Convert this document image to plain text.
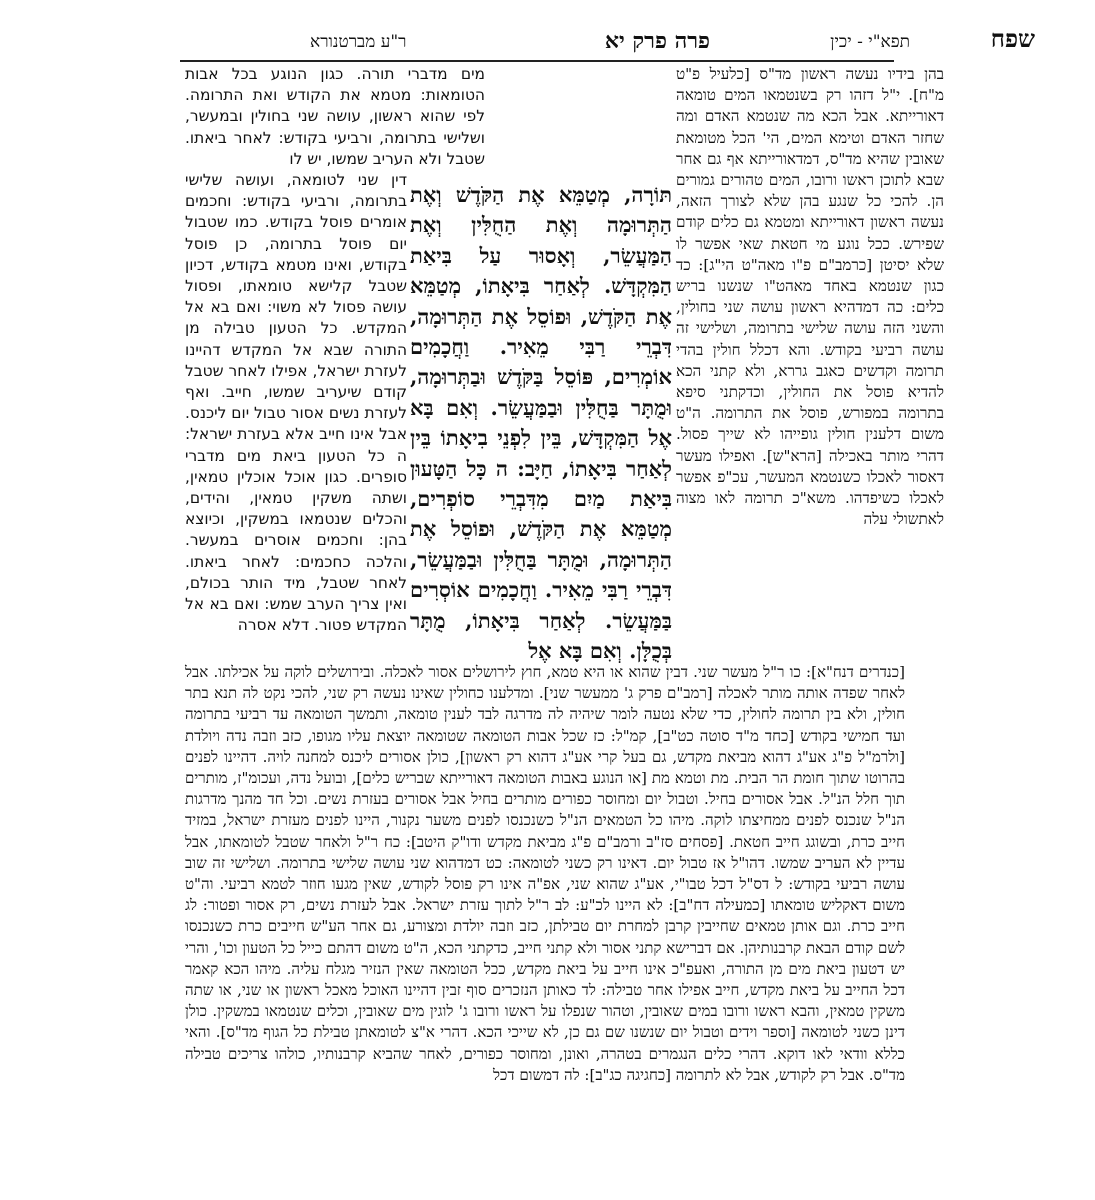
שפח
תפא"י - יכין
פרה פרק יא
ר"ע מברטנורא

בהן בידיו נעשה ראשון מד"ס [כלעיל פ"ט מ"ח]. י"ל דזהו רק בשנטמאו המים טומאה דאורייתא. אבל הכא מה שנטמא האדם ומה שחזר האדם וטימא המים, הי' הכל מטומאת שאובין שהיא מד"ס, דמדאורייתא אף גם אחר שבא לתוכן ראשו ורובו, המים טהורים גמורים הן. להכי כל שנגע בהן שלא לצורך הזאה, נעשה ראשון דאורייתא ומטמא גם כלים קודם שפירש. ככל נוגע מי חטאת שאי אפשר לו שלא יסיטן [כרמב"ם פ"ו מאה"ט הי"ג]: כד כגון שנטמא באחד מאהט"ו שנשנו בריש כלים: כה דמדהיא ראשון עושה שני בחולין, והשני הזה עושה שלישי בתרומה, ושלישי זה עושה רביעי בקודש. והא דכלל חולין בהדי תרומה וקדשים כאגב גררא, ולא קתני הכא להדיא פוסל את החולין, וכדקתני סיפא בתרומה במפורש, פוסל את התרומה. ה"ט משום דלענין חולין גופייהו לא שייך פסול. דהרי מותר באכילה [הרא"ש]. ואפילו מעשר דאסור לאכלו כשנטמא המעשר, עכ"פ אפשר לאכלו כשיפדהו. משא"כ תרומה לאו מצוה לאתשולי עלה

תּוֹרָה, מְטַמֵּא אֶת הַקֹּדֶשׁ וְאֶת הַתְּרוּמָה וְאֶת הַחֻלִּין וְאֶת הַמַּעֲשֵׂר, וְאָסוּר עַל בִּיאַת הַמִּקְדָּשׁ. לְאַחַר בִּיאָתוֹ, מְטַמֵּא אֶת הַקֹּדֶשׁ, וּפוֹסֵל אֶת הַתְּרוּמָה, דִּבְרֵי רַבִּי מֵאִיר. וַחֲכָמִים אוֹמְרִים, פּוֹסֵל בַּקֹּדֶשׁ וּבַתְּרוּמָה, וּמֻתָּר בַּחֻלִּין וּבַמַּעֲשֵׂר. וְאִם בָּא אֶל הַמִּקְדָּשׁ, בֵּין לִפְנֵי בִיאָתוֹ בֵּין לְאַחַר בִּיאָתוֹ, חַיָּב: ה כָּל הַטָּעוּן בִּיאַת מַיִם מִדִּבְרֵי סוֹפְרִים, מְטַמֵּא אֶת הַקֹּדֶשׁ, וּפוֹסֵל אֶת הַתְּרוּמָה, וּמֻתָּר בַּחֻלִּין וּבַמַּעֲשֵׂר, דִּבְרֵי רַבִּי מֵאִיר. וַחֲכָמִים אוֹסְרִים בַּמַּעֲשֵׂר. לְאַחַר בִּיאָתוֹ, מֻתָּר בְּכֻלָּן. וְאִם בָּא אֶל

מים מדברי תורה. כגון הנוגע בכל אבות הטומאות: מטמא את הקודש ואת התרומה. לפי שהוא ראשון, עושה שני בחולין ובמעשר, ושלישי בתרומה, ורביעי בקודש: לאחר ביאתו. שטבל ולא העריב שמשו, יש לו

דין שני לטומאה, ועושה שלישי בתרומה, ורביעי בקודש: וחכמים אומרים פוסל בקודש. כמו שטבול יום פוסל בתרומה, כן פוסל בקודש, ואינו מטמא בקודש, דכיון שטבל קלישא טומאתו, ופסול עושה פסול לא משוי: ואם בא אל המקדש. כל הטעון טבילה מן התורה שבא אל המקדש דהיינו לעזרת ישראל, אפילו לאחר שטבל קודם שיעריב שמשו, חייב. ואף לעזרת נשים אסור טבול יום ליכנס. אבל אינו חייב אלא בעזרת ישראל: ה כל הטעון ביאת מים מדברי סופרים. כגון אוכל אוכלין טמאין, ושתה משקין טמאין, והידים, והכלים שנטמאו במשקין, וכיוצא בהן: וחכמים אוסרים במעשר. והלכה כחכמים: לאחר ביאתו. לאחר שטבל, מיד הותר בכולם, ואין צריך הערב שמש: ואם בא אל המקדש פטור. דלא אסרה

[כנדרים דנח"א]: כו ר"ל מעשר שני. דבין שהוא או היא טמא, חוץ לירושלים אסור לאכלה. ובירושלים לוקה על אכילתו. אבל לאחר שפדה אותה מותר לאכלה [רמב"ם פרק ג' ממעשר שני]. ומדלענו כחולין שאינו נעשה רק שני, להכי נקט לה תנא בתר חולין, ולא בין תרומה לחולין, כדי שלא נטעה לומר שיהיה לה מדרגה לבד לענין טומאה, ותמשך הטומאה עד רביעי בתרומה ועד חמישי בקודש [כחד מ"ד סוטה כט"ב], קמ"ל: כז שכל אבות הטומאה שטומאה יוצאת עליו מגופו, כזב וזבה נדה ויולדת [ולרמ"ל פ"ג אע"ג דהוא מביאת מקדש, גם בעל קרי אע"ג דהוא רק ראשון], כולן אסורים ליכנס למחנה לויה. דהיינו לפנים בהרוטו שתוך חומת הר הבית. מת וטמא מת [או הנוגע באבות הטומאה דאורייתא שבריש כלים], ובועל נדה, ועכומ"ז, מותרים תוך חלל הנ"ל. אבל אסורים בחיל. וטבול יום ומחוסר כפורים מותרים בחיל אבל אסורים בעזרת נשים. וכל חד מהנך מדרגות הנ"ל שנכנס לפנים ממחיצתו לוקה. מיהו כל הטמאים הנ"ל כשנכנסו לפנים משער נקנור, היינו לפנים מעזרת ישראל, במזיד חייב כרת, ובשוגג חייב חטאת. [פסחים סז"ב ורמב"ם פ"ג מביאת מקדש ודו"ק היטב]: כח ר"ל ולאחר שטבל לטומאתו, אבל עדיין לא העריב שמשו. דהו"ל אז טבול יום. דאינו רק כשני לטומאה: כט דמדהוא שני עושה שלישי בתרומה. ושלישי זה שוב עושה רביעי בקודש: ל דס"ל דכל טבו"י, אע"ג שהוא שני, אפ"ה אינו רק פוסל לקודש, שאין מגעו חוזר לטמא רביעי. וה"ט משום דאקליש טומאתו [כמעילה דח"ב]: לא היינו לכ"ע: לב ר"ל לתוך עזרת ישראל. אבל לעזרת נשים, רק אסור ופטור: לג חייב כרת. וגם אותן טמאים שחייבין קרבן למחרת יום טבילתן, כזב וזבה יולדת ומצורע, גם אחר הע"ש חייבים כרת כשנכנסו לשם קודם הבאת קרבנותיהן. אם דברישא קתני אסור ולא קתני חייב, כדקתני הכא, ה"ט משום דהתם כייל כל הטעון וכו', והרי יש דטעון ביאת מים מן התורה, ואעפ"כ אינו חייב על ביאת מקדש, ככל הטומאה שאין הנזיר מגלח עליה. מיהו הכא קאמר דכל החייב על ביאת מקדש, חייב אפילו אחר טבילה: לד כאותן הנזכרים סוף זבין דהיינו האוכל מאכל ראשון או שני, או שתה משקין טמאין, והבא ראשו ורובו במים שאובין, וטהור שנפלו על ראשו ורובו ג' לוגין מים שאובין, וכלים שנטמאו במשקין. כולן דינן כשני לטומאה [וספר וידים וטבול יום שנשנו שם גם כן, לא שייכי הכא. דהרי א"צ לטומאתן טבילת כל הגוף מד"ס]. והאי כללא וודאי לאו דוקא. דהרי כלים הנגמרים בטהרה, ואונן, ומחוסר כפורים, לאחר שהביא קרבנותיו, כולהו צריכים טבילה מד"ס. אבל רק לקודש, אבל לא לתרומה [כחגיגה כג"ב]: לה דמשום דכל
